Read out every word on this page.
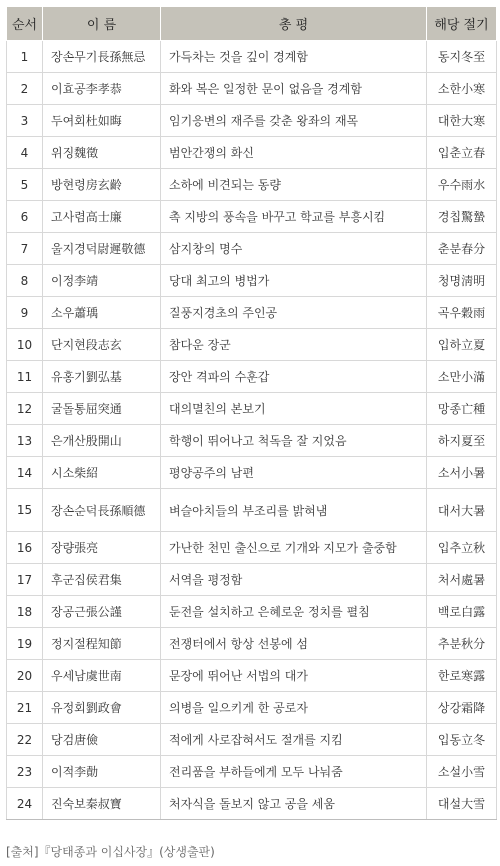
순서	이 름	총 평	해당 절기
1	장손무기長孫無忌	가득차는 것을 깊이 경계함	동지冬至
2	이효공李孝恭	화와 복은 일정한 문이 없음을 경계함	소한小寒
3	두여회杜如晦	임기응변의 재주를 갖춘 왕좌의 재목	대한大寒
4	위징魏徵	범안간쟁의 화신	입춘立春
5	방현령房玄齡	소하에 비견되는 동량	우수雨水
6	고사렴高士廉	촉 지방의 풍속을 바꾸고 학교를 부흥시킴	경칩驚蟄
7	울지경덕尉遲敬德	삼지창의 명수	춘분春分
8	이정李靖	당대 최고의 병법가	청명淸明
9	소우蕭瑀	질풍지경초의 주인공	곡우穀雨
10	단지현段志玄	참다운 장군	입하立夏
11	유홍기劉弘基	장안 격파의 수훈갑	소만小滿
12	굴돌통屈突通	대의멸친의 본보기	망종亡種
13	은개산殷開山	학행이 뛰어나고 척독을 잘 지었음	하지夏至
14	시소柴紹	평양공주의 남편	소서小暑
15	장손순덕長孫順德	벼슬아치들의 부조리를 밝혀냄	대서大暑
16	장량張亮	가난한 천민 출신으로 기개와 지모가 출중함	입추立秋
17	후군집侯君集	서역을 평정함	처서處暑
18	장공근張公謹	둔전을 설치하고 은혜로운 정치를 펼침	백로白露
19	정지절程知節	전쟁터에서 항상 선봉에 섬	추분秋分
20	우세남虞世南	문장에 뛰어난 서법의 대가	한로寒露
21	유정회劉政會	의병을 일으키게 한 공로자	상강霜降
22	당검唐儉	적에게 사로잡혀서도 절개를 지킴	입동立冬
23	이적李勣	전리품을 부하들에게 모두 나눠줌	소설小雪
24	진숙보秦叔寶	처자식을 돌보지 않고 공을 세움	대설大雪
[출처]『당태종과 이십사장』(상생출판)
